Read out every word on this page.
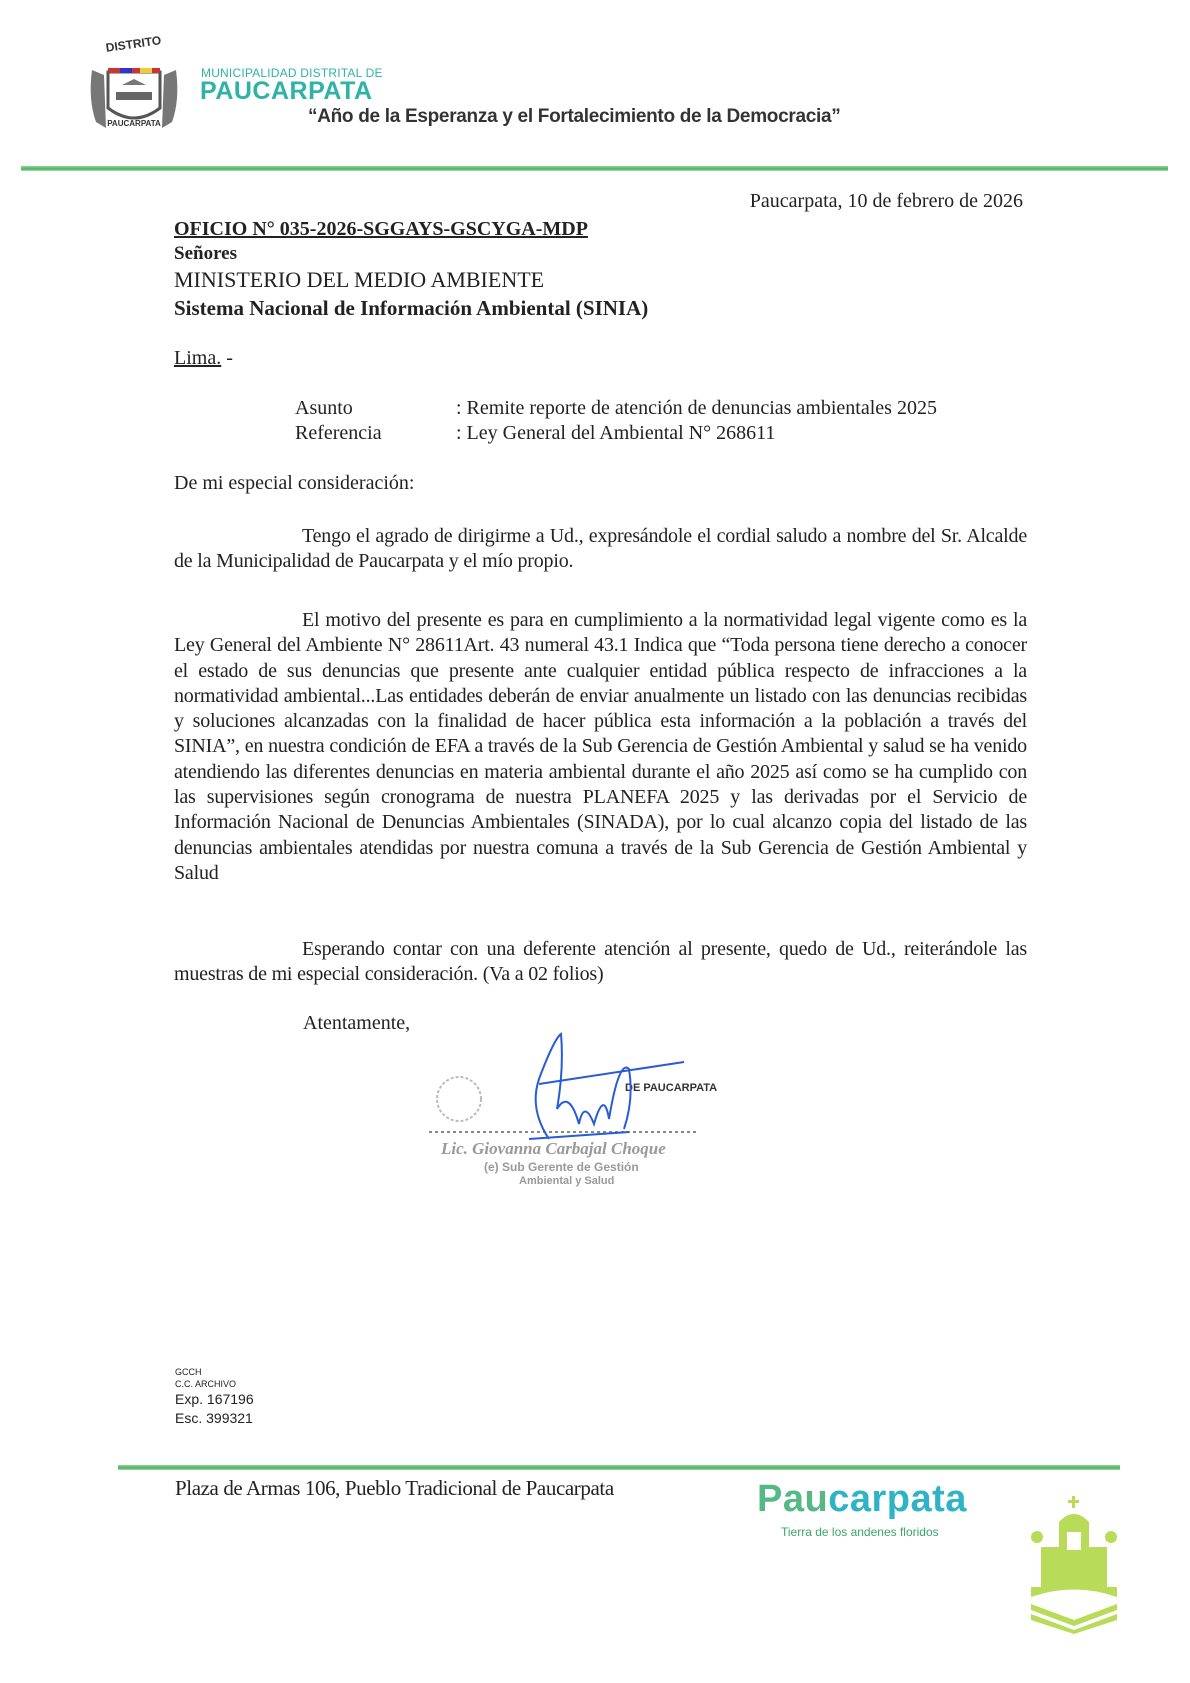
DISTRITO
PAUCARPATA
MUNICIPALIDAD DISTRITAL DE
PAUCARPATA
“Año de la Esperanza y el Fortalecimiento de la Democracia”
Paucarpata, 10 de febrero de 2026
OFICIO N° 035-2026-SGGAYS-GSCYGA-MDP
Señores
MINISTERIO DEL MEDIO AMBIENTE
Sistema Nacional de Información Ambiental (SINIA)
Lima. -
Asunto	: Remite reporte de atención de denuncias ambientales 2025
Referencia	: Ley General del Ambiental N° 268611
De mi especial consideración:
Tengo el agrado de dirigirme a Ud., expresándole el cordial saludo a nombre del Sr. Alcalde de la Municipalidad de Paucarpata y el mío propio.
El motivo del presente es para en cumplimiento a la normatividad legal vigente como es la Ley General del Ambiente N° 28611Art. 43 numeral 43.1 Indica que “Toda persona tiene derecho a conocer el estado de sus denuncias que presente ante cualquier entidad pública respecto de infracciones a la normatividad ambiental...Las entidades deberán de enviar anualmente un listado con las denuncias recibidas y soluciones alcanzadas con la finalidad de hacer pública esta información a la población a través del SINIA”, en nuestra condición de EFA a través de la Sub Gerencia de Gestión Ambiental y salud se ha venido atendiendo las diferentes denuncias en materia ambiental durante el año 2025 así como se ha cumplido con las supervisiones según cronograma de nuestra PLANEFA 2025 y las derivadas por el Servicio de Información Nacional de Denuncias Ambientales (SINADA), por lo cual alcanzo copia del listado de las denuncias ambientales atendidas por nuestra comuna a través de la Sub Gerencia de Gestión Ambiental y Salud
Esperando contar con una deferente atención al presente, quedo de Ud., reiterándole las muestras de mi especial consideración. (Va a 02 folios)
Atentamente,
DE PAUCARPATA
Lic. Giovanna Carbajal Choque
(e) Sub Gerente de Gestión
Ambiental y Salud
GCCH
C.C. ARCHIVO
Exp. 167196
Esc. 399321
Plaza de Armas 106, Pueblo Tradicional de Paucarpata	Paucarpata
Tierra de los andenes floridos
